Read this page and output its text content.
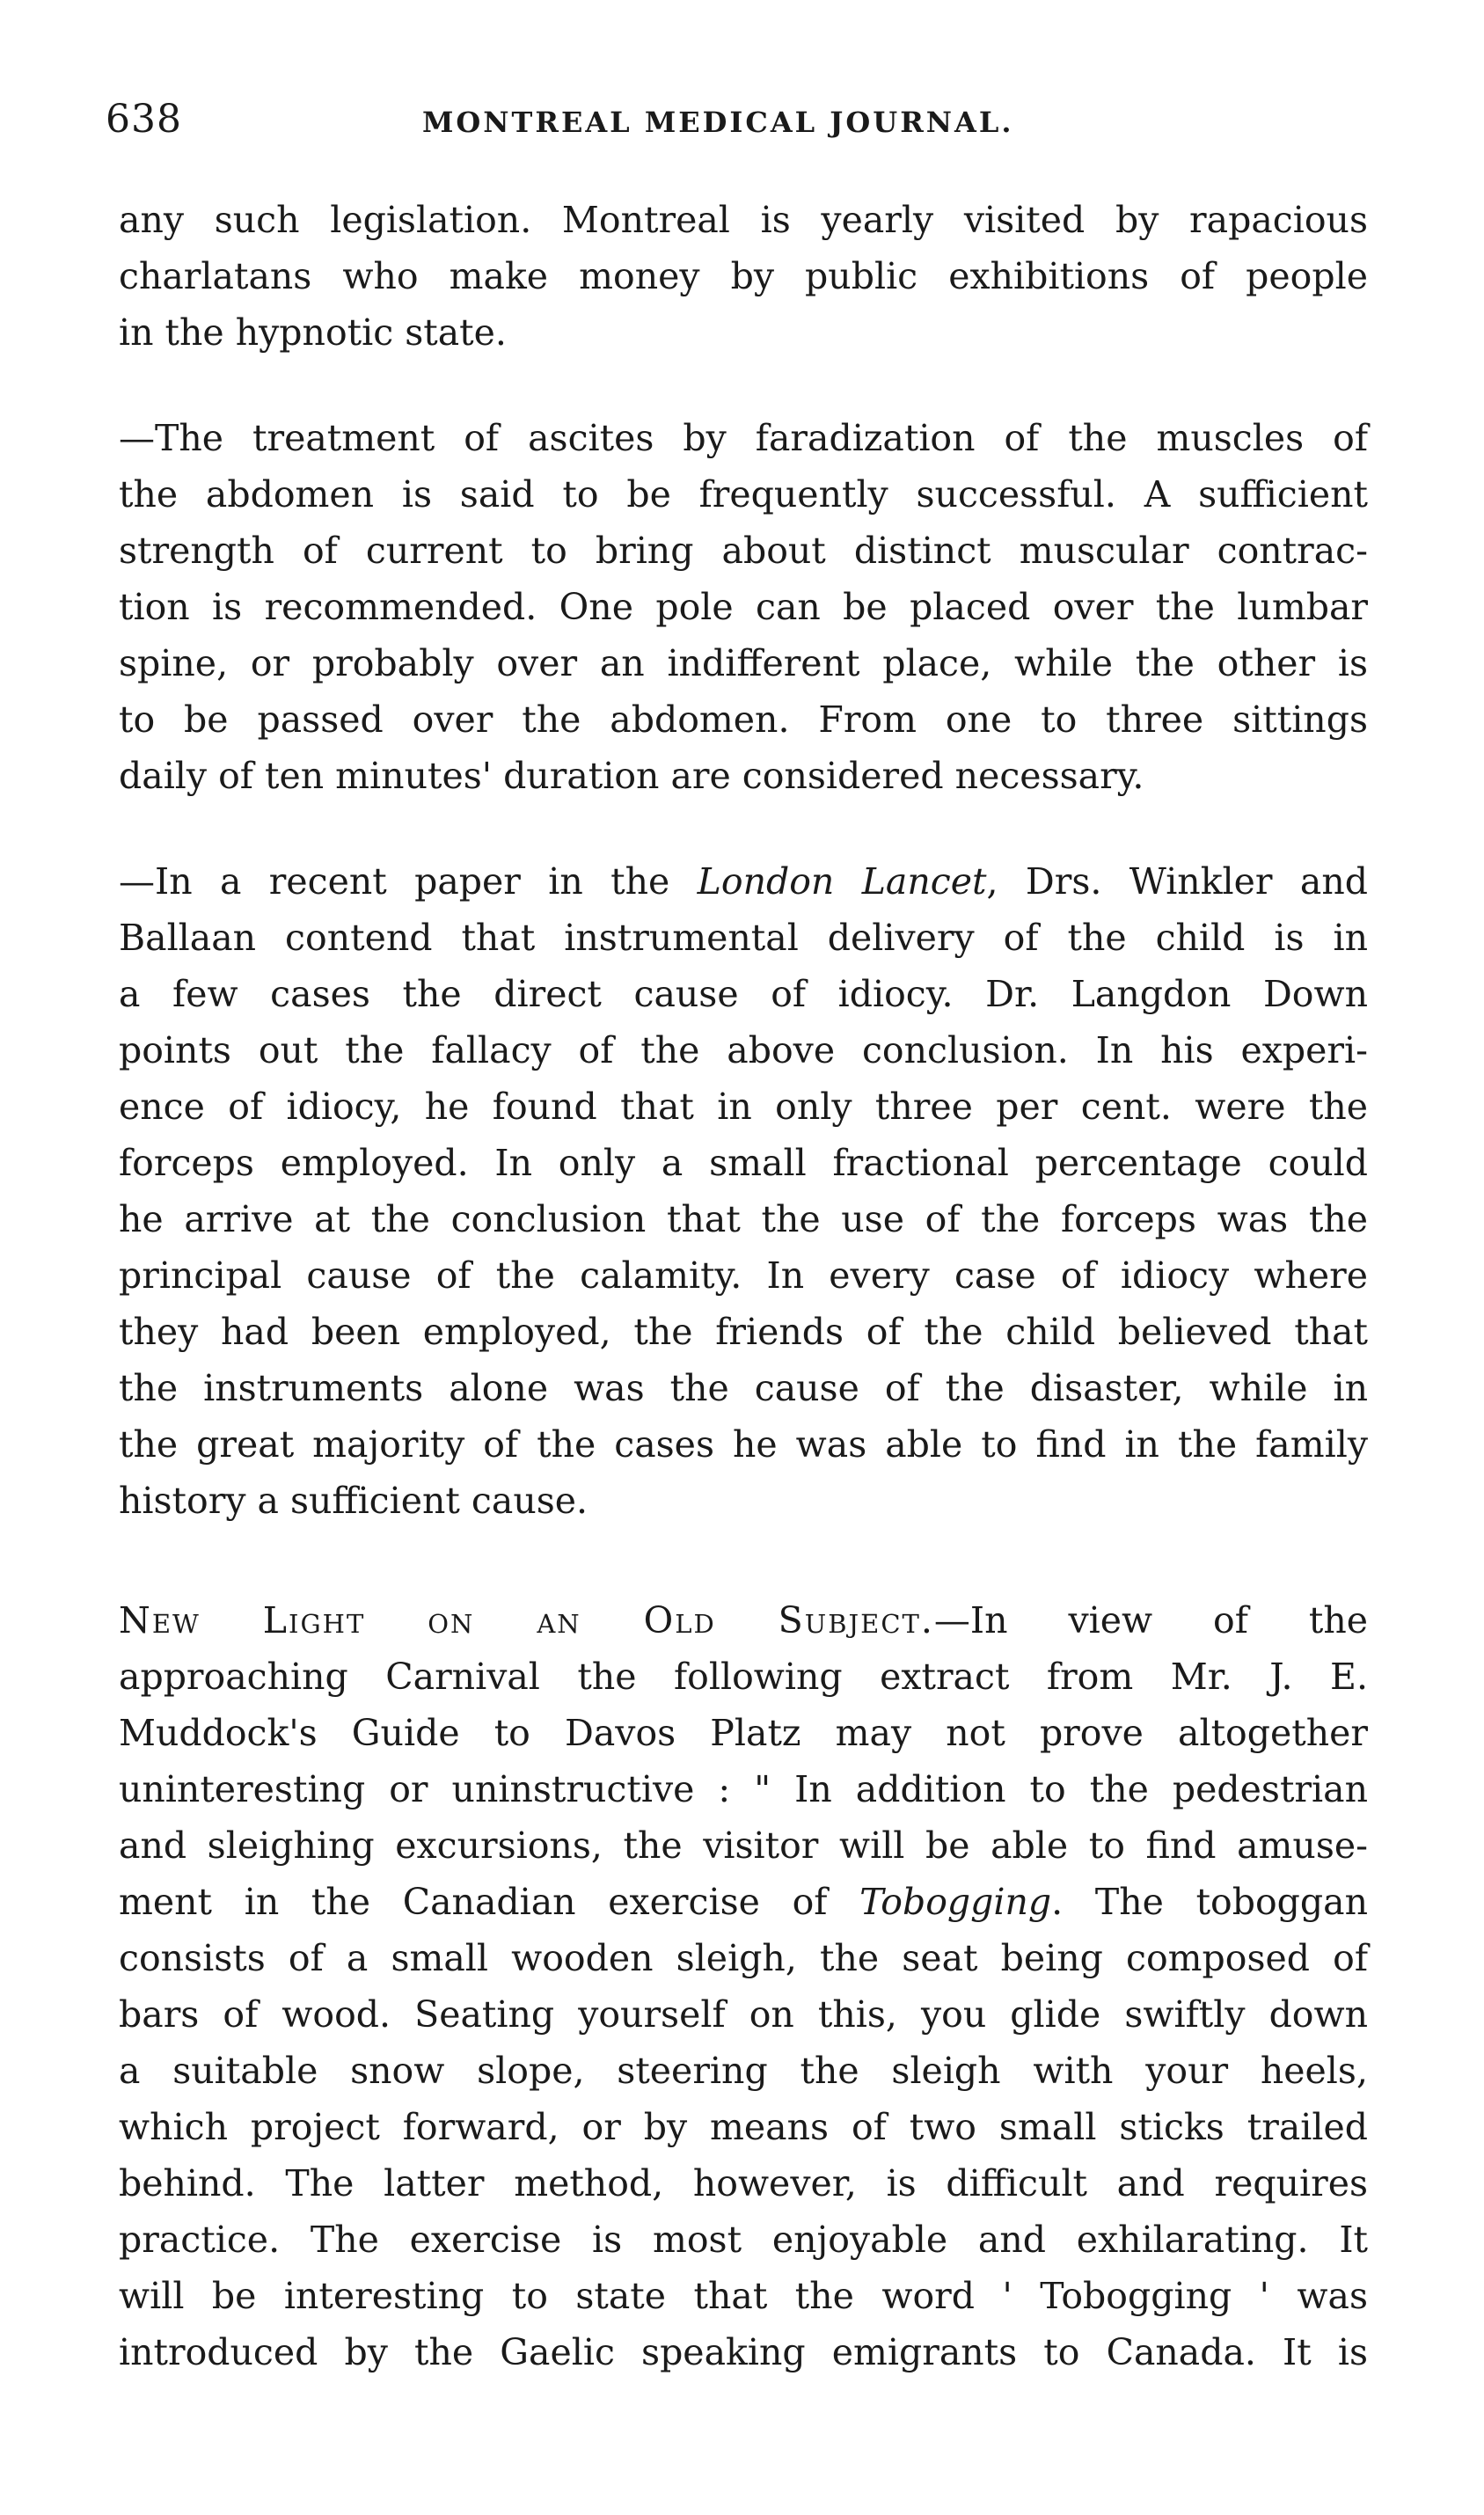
638	MONTREAL MEDICAL JOURNAL.
any such legislation. Montreal is yearly visited by rapacious
charlatans who make money by public exhibitions of people
in the hypnotic state.
—The treatment of ascites by faradization of the muscles of
the abdomen is said to be frequently successful. A sufficient
strength of current to bring about distinct muscular contrac-
tion is recommended. One pole can be placed over the lumbar
spine, or probably over an indifferent place, while the other is
to be passed over the abdomen. From one to three sittings
daily of ten minutes' duration are considered necessary.
—In a recent paper in the London Lancet, Drs. Winkler and
Ballaan contend that instrumental delivery of the child is in
a few cases the direct cause of idiocy. Dr. Langdon Down
points out the fallacy of the above conclusion. In his experi-
ence of idiocy, he found that in only three per cent. were the
forceps employed. In only a small fractional percentage could
he arrive at the conclusion that the use of the forceps was the
principal cause of the calamity. In every case of idiocy where
they had been employed, the friends of the child believed that
the instruments alone was the cause of the disaster, while in
the great majority of the cases he was able to find in the family
history a sufficient cause.
New Light on an Old Subject.—In view of the
approaching Carnival the following extract from Mr. J. E.
Muddock's Guide to Davos Platz may not prove altogether
uninteresting or uninstructive : " In addition to the pedestrian
and sleighing excursions, the visitor will be able to find amuse-
ment in the Canadian exercise of Tobogging. The toboggan
consists of a small wooden sleigh, the seat being composed of
bars of wood. Seating yourself on this, you glide swiftly down
a suitable snow slope, steering the sleigh with your heels,
which project forward, or by means of two small sticks trailed
behind. The latter method, however, is difficult and requires
practice. The exercise is most enjoyable and exhilarating. It
will be interesting to state that the word ' Tobogging ' was
introduced by the Gaelic speaking emigrants to Canada. It is
